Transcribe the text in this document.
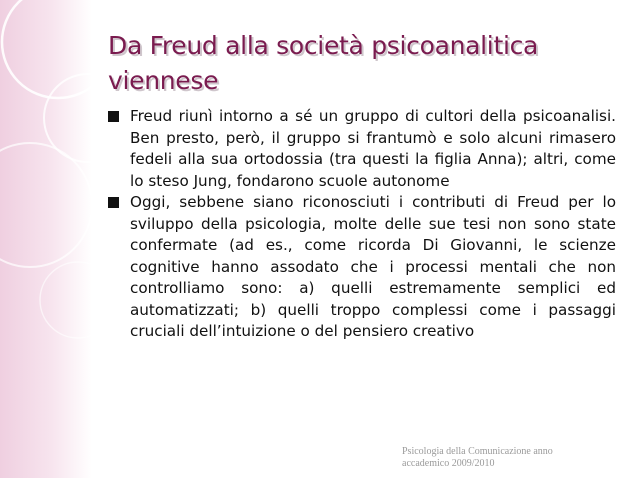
Da Freud alla società psicoanalitica viennese
Freud riunì intorno a sé un gruppo di cultori della psicoanalisi. Ben presto, però, il gruppo si frantumò e solo alcuni rimasero fedeli alla sua ortodossia (tra questi la figlia Anna); altri, come lo steso Jung, fondarono scuole autonome
Oggi, sebbene siano riconosciuti i contributi di Freud per lo sviluppo della psicologia, molte delle sue tesi non sono state confermate (ad es., come ricorda Di Giovanni, le scienze cognitive hanno assodato che i processi mentali che non controlliamo sono: a) quelli estremamente semplici ed automatizzati; b) quelli troppo complessi come i passaggi cruciali dell’intuizione o del pensiero creativo
Psicologia della Comunicazione anno accademico 2009/2010
